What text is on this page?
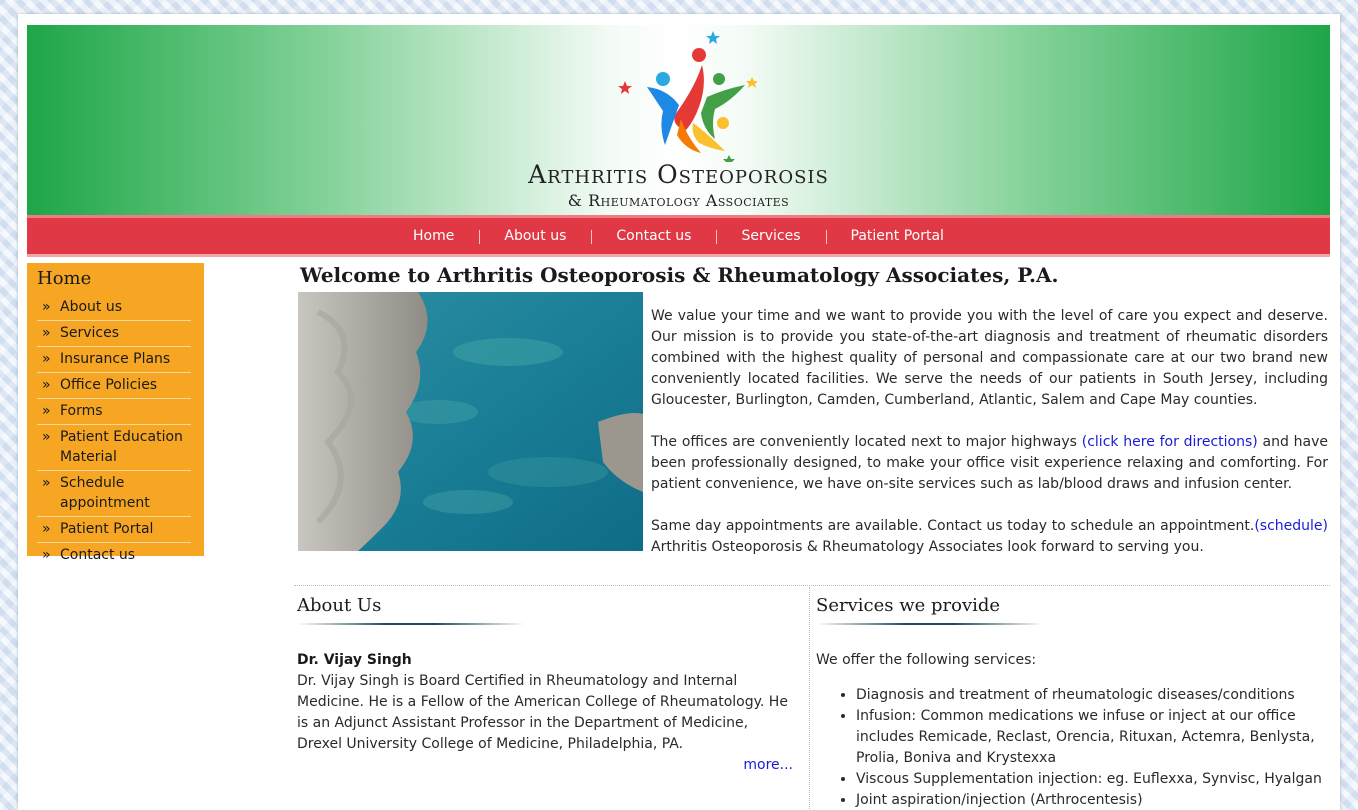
Arthritis Osteoporosis
& Rheumatology Associates
Home	About us	Contact us	Services	Patient Portal
Home
» About us
» Services
» Insurance Plans
» Office Policies
» Forms
» Patient Education Material
» Schedule appointment
» Patient Portal
» Contact us
Welcome to Arthritis Osteoporosis & Rheumatology Associates, P.A.

We value your time and we want to provide you with the level of care you expect and deserve. Our mission is to provide you state-of-the-art diagnosis and treatment of rheumatic disorders combined with the highest quality of personal and compassionate care at our two brand new conveniently located facilities. We serve the needs of our patients in South Jersey, including Gloucester, Burlington, Camden, Cumberland, Atlantic, Salem and Cape May counties.

The offices are conveniently located next to major highways (click here for directions) and have been professionally designed, to make your office visit experience relaxing and comforting. For patient convenience, we have on-site services such as lab/blood draws and infusion center.

Same day appointments are available. Contact us today to schedule an appointment.(schedule) Arthritis Osteoporosis & Rheumatology Associates look forward to serving you.

About Us
Dr. Vijay Singh
Dr. Vijay Singh is Board Certified in Rheumatology and Internal Medicine. He is a Fellow of the American College of Rheumatology. He is an Adjunct Assistant Professor in the Department of Medicine, Drexel University College of Medicine, Philadelphia, PA.
more...
Services we provide
We offer the following services:
• Diagnosis and treatment of rheumatologic diseases/conditions
• Infusion: Common medications we infuse or inject at our office includes Remicade, Reclast, Orencia, Rituxan, Actemra, Benlysta, Prolia, Boniva and Krystexxa
• Viscous Supplementation injection: eg. Euflexxa, Synvisc, Hyalgan
• Joint aspiration/injection (Arthrocentesis)
